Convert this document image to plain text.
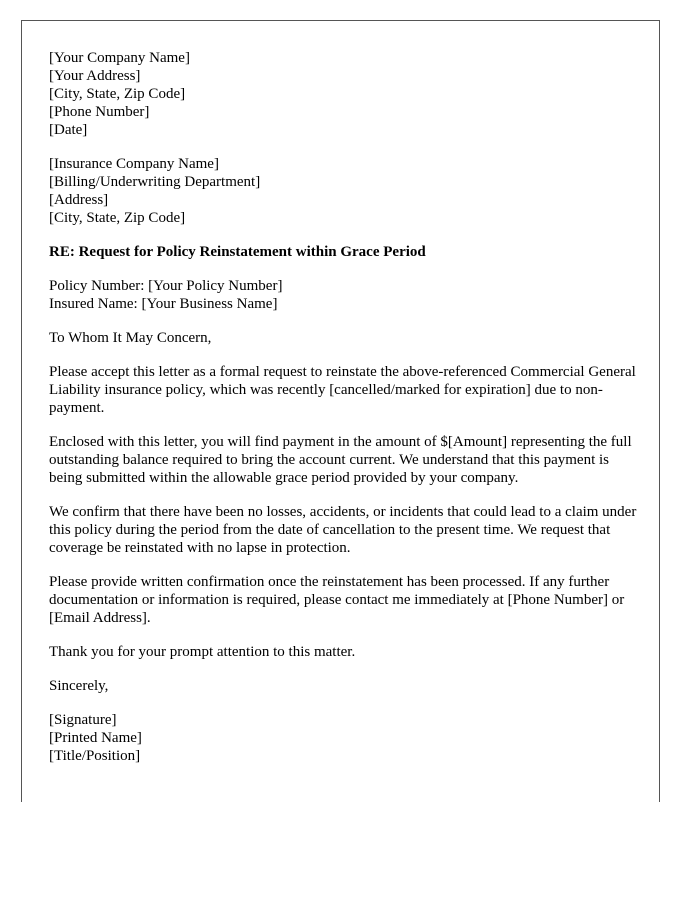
[Your Company Name]
[Your Address]
[City, State, Zip Code]
[Phone Number]
[Date]
[Insurance Company Name]
[Billing/Underwriting Department]
[Address]
[City, State, Zip Code]
RE: Request for Policy Reinstatement within Grace Period
Policy Number: [Your Policy Number]
Insured Name: [Your Business Name]
To Whom It May Concern,
Please accept this letter as a formal request to reinstate the above-referenced Commercial General Liability insurance policy, which was recently [cancelled/marked for expiration] due to non-payment.
Enclosed with this letter, you will find payment in the amount of $[Amount] representing the full outstanding balance required to bring the account current. We understand that this payment is being submitted within the allowable grace period provided by your company.
We confirm that there have been no losses, accidents, or incidents that could lead to a claim under this policy during the period from the date of cancellation to the present time. We request that coverage be reinstated with no lapse in protection.
Please provide written confirmation once the reinstatement has been processed. If any further documentation or information is required, please contact me immediately at [Phone Number] or [Email Address].
Thank you for your prompt attention to this matter.
Sincerely,
[Signature]
[Printed Name]
[Title/Position]
